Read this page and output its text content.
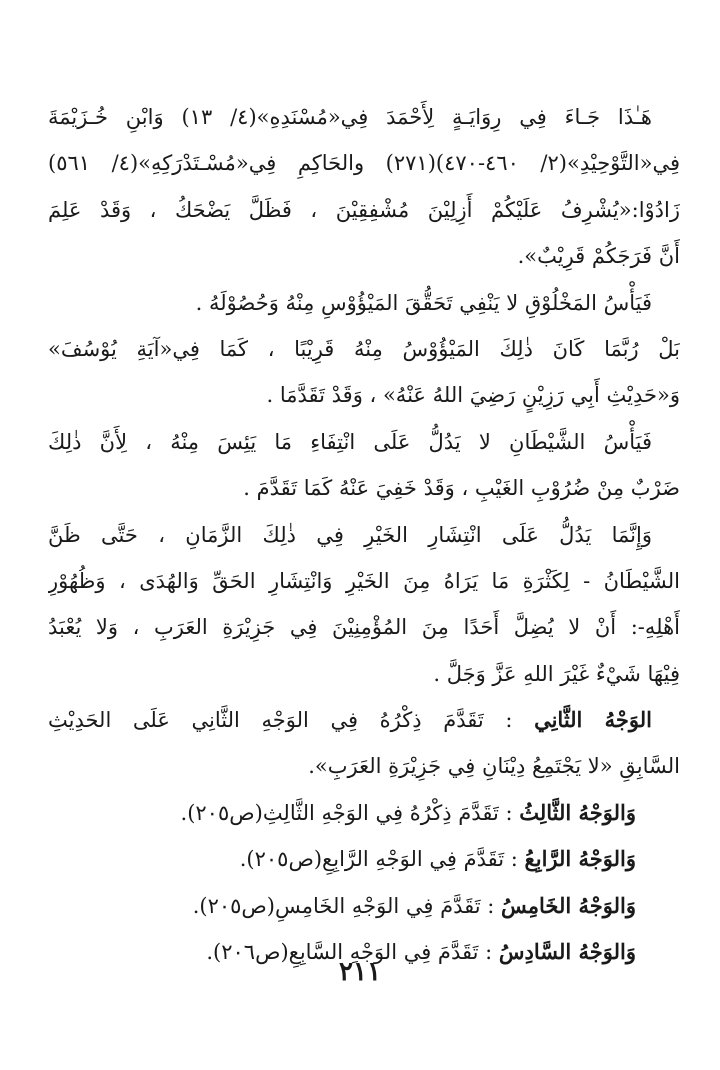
هَـٰذَا جَـاءَ فِي رِوَايَـةٍ لِأَحْمَدَ فِي«مُسْنَدِهِ»(٤/ ١٣) وَابْنِ خُـزَيْمَةَ
فِي«التَّوْحِيْدِ»(٢/ ٤٦٠-٤٧٠)(٢٧١) والحَاكِمِ فِي«مُسْـتَدْرَكِهِ»(٤/ ٥٦١)
زَادُوْا:«يُشْرِفُ عَلَيْكُمْ أَزِلِيْنَ مُشْفِقِيْنَ ، فَظَلَّ يَضْحَكُ ، وَقَدْ عَلِمَ
أَنَّ فَرَجَكُمْ قَرِيْبٌ».
فَيَأْسُ المَخْلُوْقِ لا يَنْفِي تَحَقُّقَ المَيْؤُوْسِ مِنْهُ وَحُصُوْلَهُ .
بَلْ رُبَّمَا كَانَ ذٰلِكَ المَيْؤُوْسُ مِنْهُ قَرِيْبًا ، كَمَا فِي«آيَةِ يُوْسُفَ»
وَ«حَدِيْثِ أَبِي رَزِيْنٍ رَضِيَ اللهُ عَنْهُ» ، وَقَدْ تَقَدَّمَا .
فَيَأْسُ الشَّيْطَانِ لا يَدُلُّ عَلَى انْتِفَاءِ مَا يَئِسَ مِنْهُ ، لِأَنَّ ذٰلِكَ
ضَرْبٌ مِنْ ضُرُوْبِ الغَيْبِ ، وَقَدْ خَفِيَ عَنْهُ كَمَا تَقَدَّمَ .
وَإِنَّمَا يَدُلُّ عَلَى انْتِشَارِ الخَيْرِ فِي ذٰلِكَ الزَّمَانِ ، حَتَّى ظَنَّ
الشَّيْطَانُ - لِكَثْرَةِ مَا يَرَاهُ مِنَ الخَيْرِ وَانْتِشَارِ الحَقِّ وَالهُدَى ، وَظُهُوْرِ
أَهْلِهِ-: أَنْ لا يُضِلَّ أَحَدًا مِنَ المُؤْمِنِيْنَ فِي جَزِيْرَةِ العَرَبِ ، وَلا يُعْبَدُ
فِيْهَا شَيْءٌ غَيْرَ اللهِ عَزَّ وَجَلَّ .
الوَجْهُ الثَّانِي : تَقَدَّمَ ذِكْرُهُ فِي الوَجْهِ الثَّانِي عَلَى الحَدِيْثِ
السَّابِقِ «لا يَجْتَمِعُ دِيْنَانِ فِي جَزِيْرَةِ العَرَبِ».
وَالوَجْهُ الثَّالِثُ : تَقَدَّمَ ذِكْرُهُ فِي الوَجْهِ الثَّالِثِ(ص٢٠٥).
وَالوَجْهُ الرَّابِعُ : تَقَدَّمَ فِي الوَجْهِ الرَّابِعِ(ص٢٠٥).
وَالوَجْهُ الخَامِسُ : تَقَدَّمَ فِي الوَجْهِ الخَامِسِ(ص٢٠٥).
وَالوَجْهُ السَّادِسُ : تَقَدَّمَ فِي الوَجْهِ السَّابِعِ(ص٢٠٦).
٢١١
